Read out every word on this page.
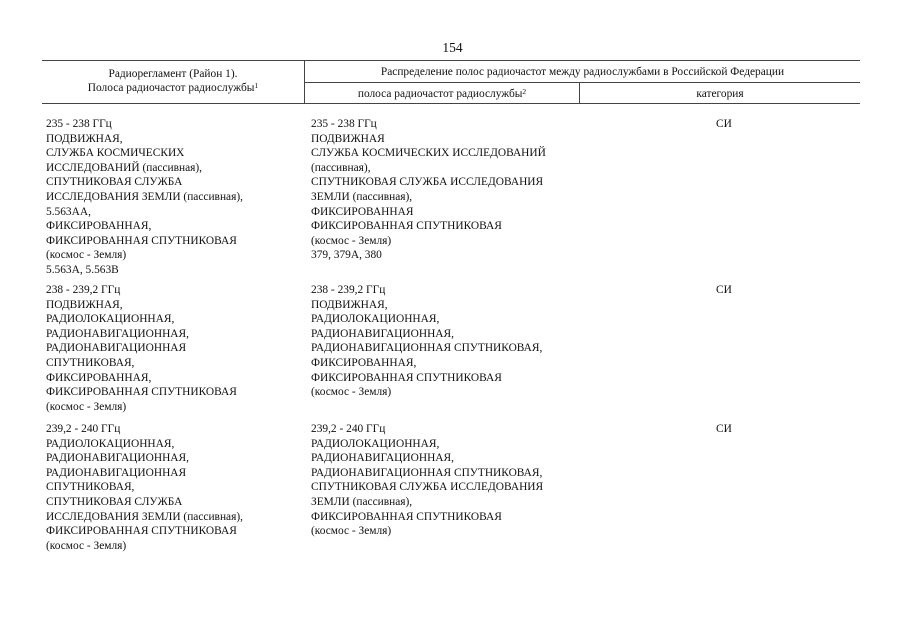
154
Радиорегламент (Район 1).
Полоса радиочастот радиослужбы$^1$
Распределение полос радиочастот между радиослужбами в Российской Федерации
полоса радиочастот радиослужбы$^2$	категория
235 - 238 ГГц
ПОДВИЖНАЯ,
СЛУЖБА КОСМИЧЕСКИХ
ИССЛЕДОВАНИЙ (пассивная),
СПУТНИКОВАЯ СЛУЖБА
ИССЛЕДОВАНИЯ ЗЕМЛИ (пассивная),
5.563АА,
ФИКСИРОВАННАЯ,
ФИКСИРОВАННАЯ СПУТНИКОВАЯ
(космос - Земля)
5.563А, 5.563В
235 - 238 ГГц
ПОДВИЖНАЯ
СЛУЖБА КОСМИЧЕСКИХ ИССЛЕДОВАНИЙ
(пассивная),
СПУТНИКОВАЯ СЛУЖБА ИССЛЕДОВАНИЯ
ЗЕМЛИ (пассивная),
ФИКСИРОВАННАЯ
ФИКСИРОВАННАЯ СПУТНИКОВАЯ
(космос - Земля)
379, 379А, 380
СИ
238 - 239,2 ГГц
ПОДВИЖНАЯ,
РАДИОЛОКАЦИОННАЯ,
РАДИОНАВИГАЦИОННАЯ,
РАДИОНАВИГАЦИОННАЯ
СПУТНИКОВАЯ,
ФИКСИРОВАННАЯ,
ФИКСИРОВАННАЯ СПУТНИКОВАЯ
(космос - Земля)
238 - 239,2 ГГц
ПОДВИЖНАЯ,
РАДИОЛОКАЦИОННАЯ,
РАДИОНАВИГАЦИОННАЯ,
РАДИОНАВИГАЦИОННАЯ СПУТНИКОВАЯ,
ФИКСИРОВАННАЯ,
ФИКСИРОВАННАЯ СПУТНИКОВАЯ
(космос - Земля)
СИ
239,2 - 240 ГГц
РАДИОЛОКАЦИОННАЯ,
РАДИОНАВИГАЦИОННАЯ,
РАДИОНАВИГАЦИОННАЯ
СПУТНИКОВАЯ,
СПУТНИКОВАЯ СЛУЖБА
ИССЛЕДОВАНИЯ ЗЕМЛИ (пассивная),
ФИКСИРОВАННАЯ СПУТНИКОВАЯ
(космос - Земля)
239,2 - 240 ГГц
РАДИОЛОКАЦИОННАЯ,
РАДИОНАВИГАЦИОННАЯ,
РАДИОНАВИГАЦИОННАЯ СПУТНИКОВАЯ,
СПУТНИКОВАЯ СЛУЖБА ИССЛЕДОВАНИЯ
ЗЕМЛИ (пассивная),
ФИКСИРОВАННАЯ СПУТНИКОВАЯ
(космос - Земля)
СИ
